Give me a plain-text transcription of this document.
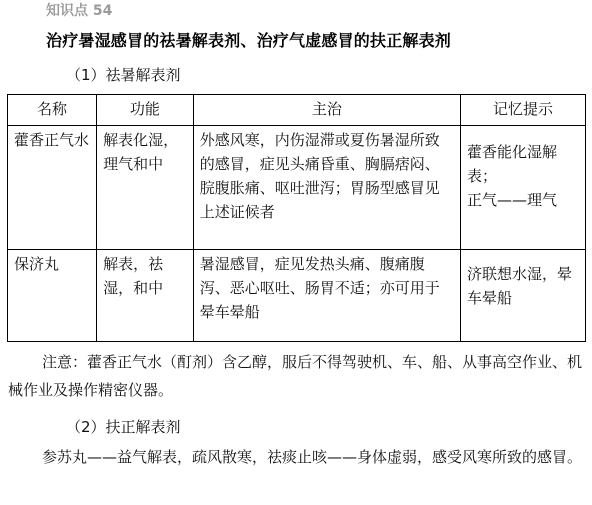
知识点 54
治疗暑湿感冒的祛暑解表剂、治疗气虚感冒的扶正解表剂
（1）祛暑解表剂
名称	功能	主治	记忆提示
藿香正气水	解表化湿，理气和中	外感风寒，内伤湿滞或夏伤暑湿所致的感冒，症见头痛昏重、胸膈痞闷、脘腹胀痛、呕吐泄泻；胃肠型感冒见上述证候者	藿香能化湿解表；
正气——理气

保济丸	解表，祛湿，和中	暑湿感冒，症见发热头痛、腹痛腹泻、恶心呕吐、肠胃不适；亦可用于晕车晕船	济联想水湿，晕车晕船
注意：藿香正气水（酊剂）含乙醇，服后不得驾驶机、车、船、从事高空作业、机械作业及操作精密仪器。
（2）扶正解表剂
参苏丸——益气解表，疏风散寒，祛痰止咳——身体虚弱，感受风寒所致的感冒。
